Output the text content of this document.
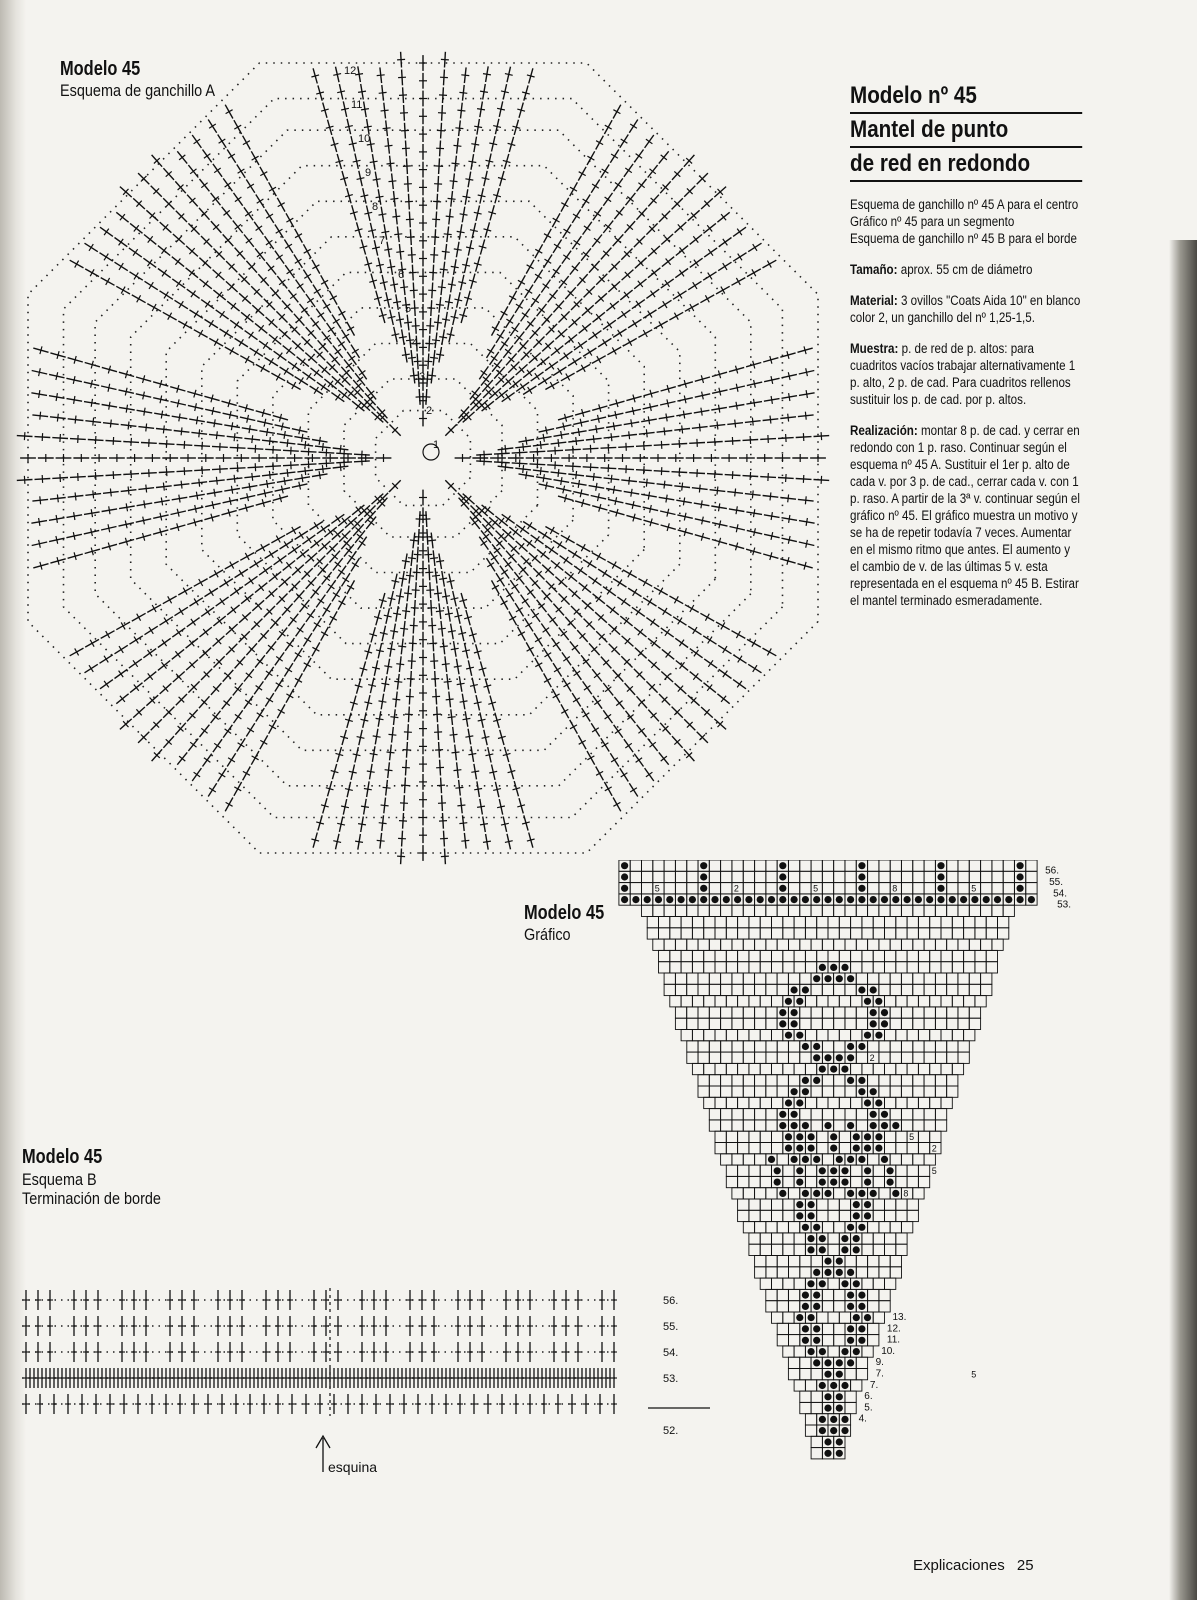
Modelo 45
Esquema de ganchillo A
1
2
3
4
5
6
7
8
9
10
11
12
Modelo nº 45
Mantel de punto
de red en redondo
Esquema de ganchillo nº 45 A para el centro
Gráfico nº 45 para un segmento
Esquema de ganchillo nº 45 B para el borde
Tamaño: aprox. 55 cm de diámetro
Material: 3 ovillos "Coats Aida 10" en blanco color 2, un ganchillo del nº 1,25-1,5.
Muestra: p. de red de p. altos: para cuadritos vacíos trabajar alternativamente 1 p. alto, 2 p. de cad. Para cuadritos rellenos sustituir los p. de cad. por p. altos.
Realización: montar 8 p. de cad. y cerrar en redondo con 1 p. raso. Continuar según el esquema nº 45 A. Sustituir el 1er p. alto de cada v. por 3 p. de cad., cerrar cada v. con 1 p. raso. A partir de la 3ª v. continuar según el gráfico nº 45. El gráfico muestra un motivo y se ha de repetir todavía 7 veces. Aumentar en el mismo ritmo que antes. El aumento y el cambio de v. de las últimas 5 v. esta representada en el esquema nº 45 B. Estirar el mantel terminado esmeradamente.
Modelo 45
Gráfico
5	2	5	8	5
2
5
2
5
8
5
56.
55.
54.
53.
13.
12.
11.
10.
9.
7.
7.
6.
5.
4.
Modelo 45
Esquema B
Terminación de borde
56.
55.
54.
53.
52.
esquina
Explicaciones 25
